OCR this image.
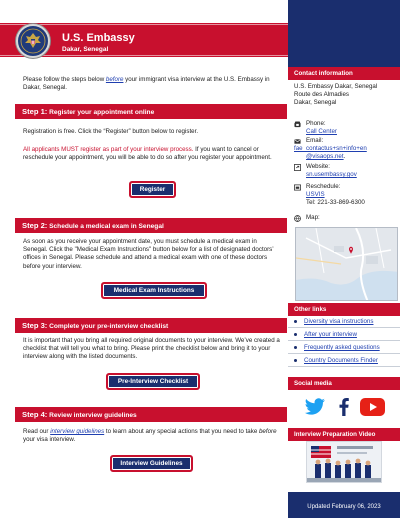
U.S. Embassy
Dakar, Senegal
Please follow the steps below before your immigrant visa interview at the U.S. Embassy in Dakar, Senegal.
Step 1: Register your appointment online
Registration is free. Click the “Register” button below to register.
All applicants MUST register as part of your interview process. If you want to cancel or reschedule your appointment, you will be able to do so after you register your appointment.
Register
Step 2: Schedule a medical exam in Senegal
As soon as you receive your appointment date, you must schedule a medical exam in Senegal. Click the "Medical Exam Instructions" button below for a list of designated doctors’ offices in Senegal. Please schedule and attend a medical exam with one of these doctors before your interview.
Medical Exam Instructions
Step 3: Complete your pre-interview checklist
It is important that you bring all required original documents to your interview. We’ve created a checklist that will tell you what to bring. Please print the checklist below and bring it to your interview along with the listed documents.
Pre-Interview Checklist
Step 4: Review interview guidelines
Read our interview guidelines to learn about any special actions that you need to take before your visa interview.
Interview Guidelines
Contact information
U.S. Embassy Dakar, Senegal
Route des Almadies
Dakar, Senegal
Phone:
Call Center
Email:
fae_contactus+sn+info+en
@visaops.net.
Website:
sn.usembassy.gov
Reschedule:
USVIS
Tel: 221-33-869-6300
Map:
Other links
Diversity visa instructions
After your interview
Frequently asked questions
Country Documents Finder
Social media
Interview Preparation Video
Updated February 06, 2023
